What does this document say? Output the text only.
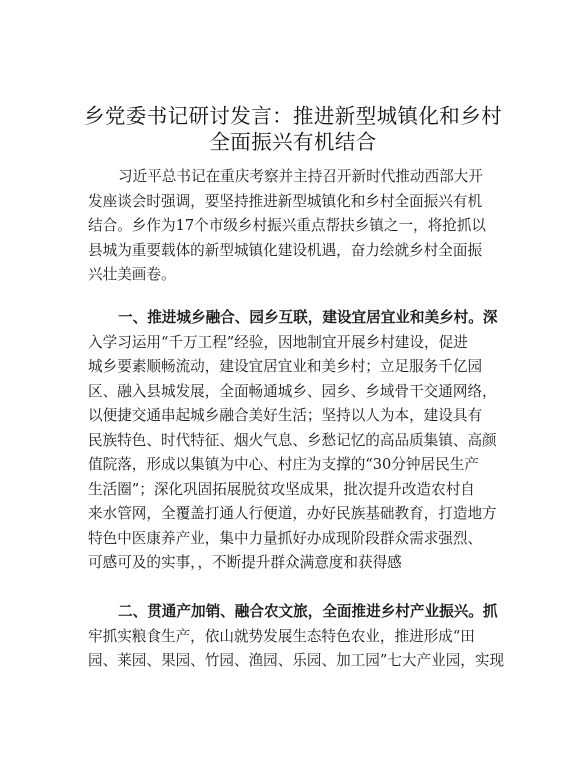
乡党委书记研讨发言：推进新型城镇化和乡村
全面振兴有机结合
习近平总书记在重庆考察并主持召开新时代推动西部大开
发座谈会时强调，要坚持推进新型城镇化和乡村全面振兴有机
结合。乡作为17个市级乡村振兴重点帮扶乡镇之一，将抢抓以
县城为重要载体的新型城镇化建设机遇，奋力绘就乡村全面振
兴壮美画卷。
一、推进城乡融合、园乡互联，建设宜居宜业和美乡村。深
入学习运用“千万工程”经验，因地制宜开展乡村建设，促进
城乡要素顺畅流动，建设宜居宜业和美乡村；立足服务千亿园
区、融入县城发展，全面畅通城乡、园乡、乡域骨干交通网络，
以便捷交通串起城乡融合美好生活；坚持以人为本，建设具有
民族特色、时代特征、烟火气息、乡愁记忆的高品质集镇、高颜
值院落，形成以集镇为中心、村庄为支撑的“30分钟居民生产
生活圈”；深化巩固拓展脱贫攻坚成果，批次提升改造农村自
来水管网，全覆盖打通人行便道，办好民族基础教育，打造地方
特色中医康养产业，集中力量抓好办成现阶段群众需求强烈、
可感可及的实事，，不断提升群众满意度和获得感
二、贯通产加销、融合农文旅，全面推进乡村产业振兴。抓
牢抓实粮食生产，依山就势发展生态特色农业，推进形成“田
园、莱园、果园、竹园、渔园、乐园、加工园”七大产业园，实现
